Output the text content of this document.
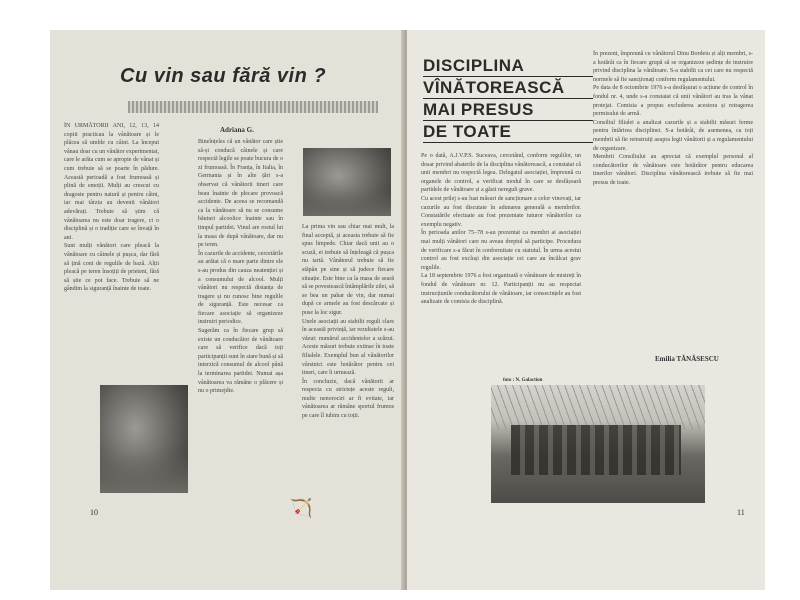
Cu vin sau fără vin ?
Adriana G.

ÎN URMĂTORII ANI, 12, 13, 14 copiii practicau la vânătoare și le plăcea să umble cu câini. La început vânau doar cu un vânător experimentat, care le arăta cum se apropie de vânat și cum trebuie să se poarte în pădure. Această perioadă a fost frumoasă și plină de emoții. Mulți au crescut cu dragoste pentru natură și pentru câini, iar mai târziu au devenit vânători adevărați. Trebuie să știm că vânătoarea nu este doar tragere, ci o disciplină și o tradiție care se învață în ani.

Sunt mulți vânători care pleacă la vânătoare cu câinele și pușca, dar fără să țină cont de regulile de bază. Alții pleacă pe teren însoțiți de prieteni, fără să știe ce pot face. Trebuie să ne gândim la siguranță înainte de toate.

Bineînțeles că un vânător care știe să-și conducă câinele și care respectă legile se poate bucura de o zi frumoasă. În Franța, în Italia, în Germania și în alte țări s-a observat că vânătorii tineri care beau înainte de plecare provoacă accidente. De aceea se recomandă ca la vânătoare să nu se consume băuturi alcoolice înainte sau în timpul partidei. Vinul are rostul lui la masa de după vânătoare, dar nu pe teren.

În cazurile de accidente, cercetările au arătat că o mare parte dintre ele s-au produs din cauza neatenției și a consumului de alcool. Mulți vânători nu respectă distanța de tragere și nu cunosc bine regulile de siguranță. Este necesar ca fiecare asociație să organizeze instruiri periodice.

Sugerăm ca în fiecare grup să existe un conducător de vânătoare care să verifice dacă toți participanții sunt în stare bună și să interzică consumul de alcool până la terminarea partidei. Numai așa vânătoarea va rămâne o plăcere și nu o primejdie.

La prima vin sau chiar mai mult, la final acceptă, și aceasta trebuie să fie spus limpede. Chiar dacă unii au o scuză, ei trebuie să înțeleagă că pușca nu iartă. Vânătorul trebuie să fie stăpân pe sine și să judece fiecare situație. Este bine ca la masa de seară să se povestească întâmplările zilei, să se bea un pahar de vin, dar numai după ce armele au fost descărcate și puse la loc sigur.

Unele asociații au stabilit reguli clare în această privință, iar rezultatele s-au văzut: numărul accidentelor a scăzut. Aceste măsuri trebuie extinse în toate filialele. Exemplul bun al vânătorilor vârstnici este hotărâtor pentru cei tineri, care îi urmează.

În concluzie, dacă vânătorii ar respecta cu strictețe aceste reguli, multe nenorociri ar fi evitate, iar vânătoarea ar rămâne sportul frumos pe care îl iubim cu toții.

🏹
10
DISCIPLINA
VÎNĂTOREASCĂ
MAI PRESUS
DE TOATE

Pe o dată, A.J.V.P.S. Suceava, cercetând, conform regulilor, un dosar privind abaterile de la disciplina vânătorească, a constatat că unii membri nu respectă legea. Delegatul asociației, împreună cu organele de control, a verificat modul în care se desfășoară partidele de vânătoare și a găsit nereguli grave.

Cu acest prilej s-au luat măsuri de sancționare a celor vinovați, iar cazurile au fost discutate în adunarea generală a membrilor. Constatările efectuate au fost prezentate tuturor vânătorilor ca exemplu negativ.

În perioada anilor 75–78 s-au prezentat ca membri ai asociației mai mulți vânători care nu aveau dreptul să participe. Procedura de verificare s-a făcut în conformitate cu statutul. În urma acestui control au fost excluși din asociație cei care au încălcat grav regulile.

La 18 septembrie 1976 a fost organizată o vânătoare de mistreți în fondul de vânătoare nr. 12. Participanții nu au respectat instrucțiunile conducătorului de vânătoare, iar consecințele au fost analizate de comisia de disciplină.

În prezent, împreună cu vânătorul Dinu Bordeiu și alți membri, s-a hotărât ca în fiecare grupă să se organizeze ședințe de instruire privind disciplina la vânătoare. S-a stabilit ca cei care nu respectă normele să fie sancționați conform regulamentului.

Pe data de 8 octombrie 1976 s-a desfășurat o acțiune de control în fondul nr. 4, unde s-a constatat că unii vânători au tras la vânat protejat. Comisia a propus excluderea acestora și retragerea permisului de armă.

Consiliul filialei a analizat cazurile și a stabilit măsuri ferme pentru întărirea disciplinei. S-a hotărât, de asemenea, ca toți membrii să fie reinstruiți asupra legii vânătorii și a regulamentului de organizare.

Membrii Consiliului au apreciat că exemplul personal al conducătorilor de vânătoare este hotărâtor pentru educarea tinerilor vânători. Disciplina vânătorească trebuie să fie mai presus de toate.

Emilia TĂNĂSESCU
foto : N. Galaction
11
